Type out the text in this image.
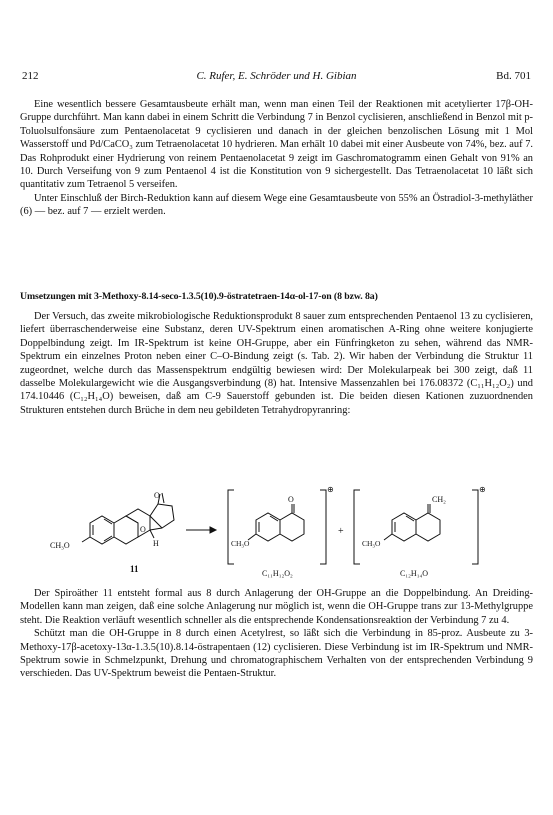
212	C. Rufer, E. Schröder und H. Gibian	Bd. 701

Eine wesentlich bessere Gesamtausbeute erhält man, wenn man einen Teil der Reaktionen mit acetylierter 17β-OH-Gruppe durchführt. Man kann dabei in einem Schritt die Verbindung 7 in Benzol cyclisieren, anschließend in Benzol mit p-Toluolsulfonsäure zum Pentaenolacetat 9 cyclisieren und danach in der gleichen benzolischen Lösung mit 1 Mol Wasserstoff und Pd/CaCO₃ zum Tetraenolacetat 10 hydrieren. Man erhält 10 dabei mit einer Ausbeute von 74%, bez. auf 7. Das Rohprodukt einer Hydrierung von reinem Pentaenolacetat 9 zeigt im Gaschromatogramm einen Gehalt von 91% an 10. Durch Verseifung von 9 zum Pentaenol 4 ist die Konstitution von 9 sichergestellt. Das Tetraenolacetat 10 läßt sich quantitativ zum Tetraenol 5 verseifen.

Unter Einschluß der Birch-Reduktion kann auf diesem Wege eine Gesamtausbeute von 55% an Östradiol-3-methyläther (6) — bez. auf 7 — erzielt werden.

Umsetzungen mit 3-Methoxy-8.14-seco-1.3.5(10).9-östratetraen-14α-ol-17-on (8 bzw. 8a)

Der Versuch, das zweite mikrobiologische Reduktionsprodukt 8 sauer zum entsprechenden Pentaenol 13 zu cyclisieren, liefert überraschenderweise eine Substanz, deren UV-Spektrum einen aromatischen A-Ring ohne weitere konjugierte Doppelbindung zeigt. Im IR-Spektrum ist keine OH-Gruppe, aber ein Fünfringketon zu sehen, während das NMR-Spektrum ein einzelnes Proton neben einer C–O-Bindung zeigt (s. Tab. 2). Wir haben der Verbindung die Struktur 11 zugeordnet, welche durch das Massenspektrum endgültig bewiesen wird: Der Molekularpeak bei 300 zeigt, daß 11 dasselbe Molekulargewicht wie die Ausgangsverbindung (8) hat. Intensive Massenzahlen bei 176.08372 (C₁₁H₁₂O₂) und 174.10446 (C₁₂H₁₄O) beweisen, daß am C-9 Sauerstoff gebunden ist. Die beiden diesen Kationen zuzuordnenden Strukturen entstehen durch Brüche in dem neu gebildeten Tetrahydropyranring:

CH₃O
O
O
H
11
O
CH₃O
⊕
C₁₁H₁₂O₂
+
CH₂
CH₃O
⊕
C₁₂H₁₄O

Der Spiroäther 11 entsteht formal aus 8 durch Anlagerung der OH-Gruppe an die Doppelbindung. An Dreiding-Modellen kann man zeigen, daß eine solche Anlagerung nur möglich ist, wenn die OH-Gruppe trans zur 13-Methylgruppe steht. Die Reaktion verläuft wesentlich schneller als die entsprechende Kondensationsreaktion der Verbindung 7 zu 4.

Schützt man die OH-Gruppe in 8 durch einen Acetylrest, so läßt sich die Verbindung in 85-proz. Ausbeute zu 3-Methoxy-17β-acetoxy-13α-1.3.5(10).8.14-östrapentaen (12) cyclisieren. Diese Verbindung ist im IR-Spektrum und NMR-Spektrum sowie in Schmelzpunkt, Drehung und chromatographischem Verhalten von der entsprechenden Verbindung 9 verschieden. Das UV-Spektrum beweist die Pentaen-Struktur.
